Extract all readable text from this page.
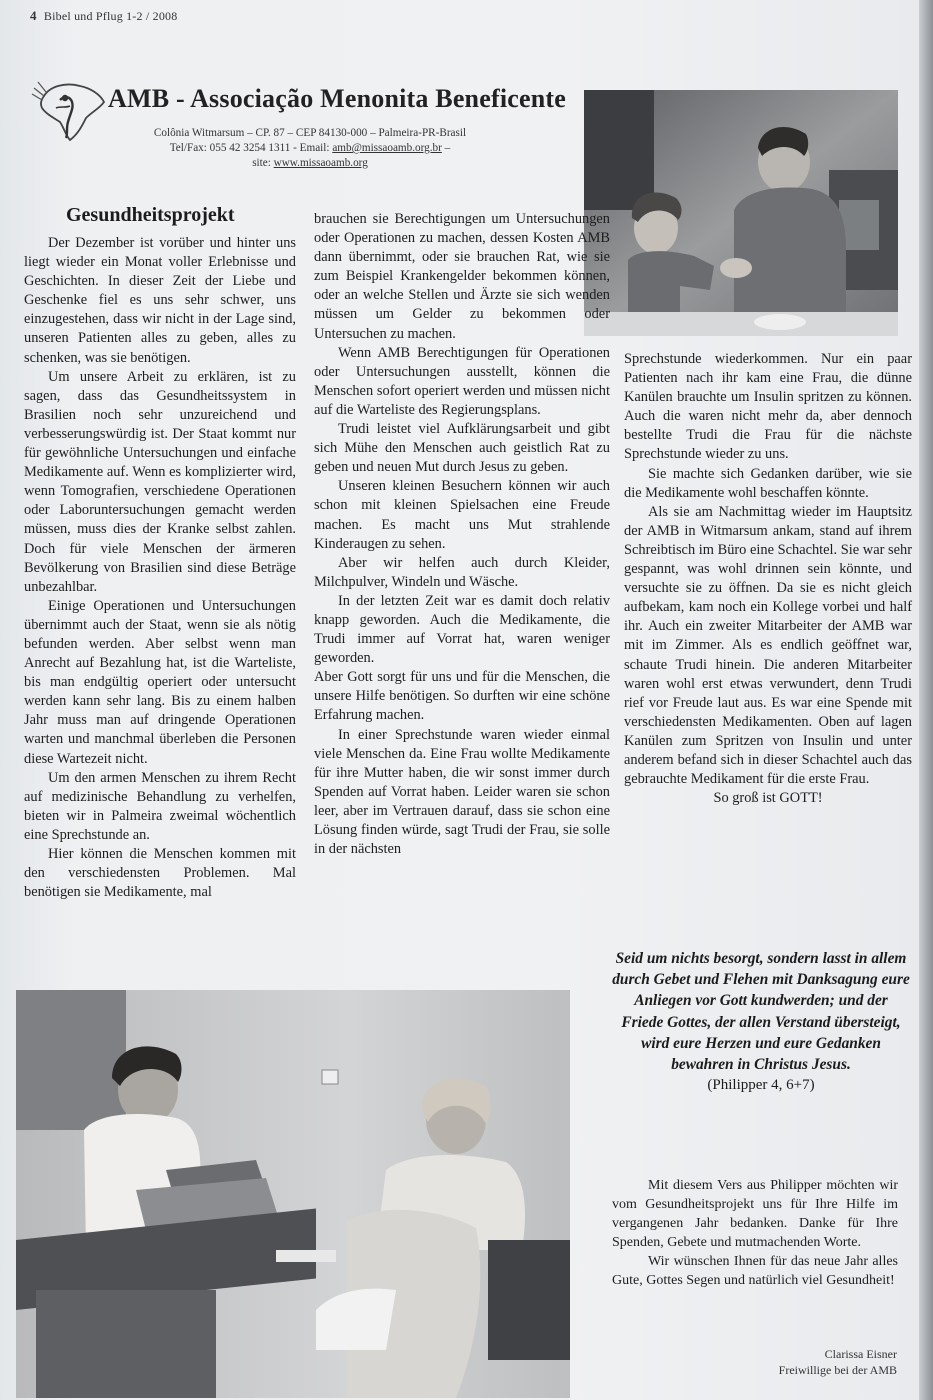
4 Bibel und Pflug 1-2 / 2008
AMB - Associação Menonita Beneficente
Colônia Witmarsum – CP. 87 – CEP 84130-000 – Palmeira-PR-Brasil
Tel/Fax: 055 42 3254 1311 - Email: amb@missaoamb.org.br –
site: www.missaoamb.org
Gesundheitsprojekt

Der Dezember ist vorüber und hinter uns liegt wieder ein Monat voller Erlebnisse und Geschichten. In dieser Zeit der Liebe und Geschenke fiel es uns sehr schwer, uns einzugestehen, dass wir nicht in der Lage sind, unseren Patienten alles zu geben, alles zu schenken, was sie benötigen.

Um unsere Arbeit zu erklären, ist zu sagen, dass das Gesundheitssystem in Brasilien noch sehr unzureichend und verbesserungswürdig ist. Der Staat kommt nur für gewöhnliche Untersuchungen und einfache Medikamente auf. Wenn es komplizierter wird, wenn Tomografien, verschiedene Operationen oder Laboruntersuchungen gemacht werden müssen, muss dies der Kranke selbst zahlen. Doch für viele Menschen der ärmeren Bevölkerung von Brasilien sind diese Beträge unbezahlbar.

Einige Operationen und Untersuchungen übernimmt auch der Staat, wenn sie als nötig befunden werden. Aber selbst wenn man Anrecht auf Bezahlung hat, ist die Warteliste, bis man endgültig operiert oder untersucht werden kann sehr lang. Bis zu einem halben Jahr muss man auf dringende Operationen warten und manchmal überleben die Personen diese Wartezeit nicht.

Um den armen Menschen zu ihrem Recht auf medizinische Behandlung zu verhelfen, bieten wir in Palmeira zweimal wöchentlich eine Sprechstunde an.

Hier können die Menschen kommen mit den verschiedensten Problemen. Mal benötigen sie Medikamente, mal

brauchen sie Berechtigungen um Untersuchungen oder Operationen zu machen, dessen Kosten AMB dann übernimmt, oder sie brauchen Rat, wie sie zum Beispiel Krankengelder bekommen können, oder an welche Stellen und Ärzte sie sich wenden müssen um Gelder zu bekommen oder Untersuchen zu machen.

Wenn AMB Berechtigungen für Operationen oder Untersuchungen ausstellt, können die Menschen sofort operiert werden und müssen nicht auf die Warteliste des Regierungsplans.

Trudi leistet viel Aufklärungsarbeit und gibt sich Mühe den Menschen auch geistlich Rat zu geben und neuen Mut durch Jesus zu geben.

Unseren kleinen Besuchern können wir auch schon mit kleinen Spielsachen eine Freude machen. Es macht uns Mut strahlende Kinderaugen zu sehen.

Aber wir helfen auch durch Kleider, Milchpulver, Windeln und Wäsche.

In der letzten Zeit war es damit doch relativ knapp geworden. Auch die Medikamente, die Trudi immer auf Vorrat hat, waren weniger geworden.

Aber Gott sorgt für uns und für die Menschen, die unsere Hilfe benötigen. So durften wir eine schöne Erfahrung machen.

In einer Sprechstunde waren wieder einmal viele Menschen da. Eine Frau wollte Medikamente für ihre Mutter haben, die wir sonst immer durch Spenden auf Vorrat haben. Leider waren sie schon leer, aber im Vertrauen darauf, dass sie schon eine Lösung finden würde, sagt Trudi der Frau, sie solle in der nächsten

Sprechstunde wiederkommen. Nur ein paar Patienten nach ihr kam eine Frau, die dünne Kanülen brauchte um Insulin spritzen zu können. Auch die waren nicht mehr da, aber dennoch bestellte Trudi die Frau für die nächste Sprechstunde wieder zu uns.

Sie machte sich Gedanken darüber, wie sie die Medikamente wohl beschaffen könnte.

Als sie am Nachmittag wieder im Hauptsitz der AMB in Witmarsum ankam, stand auf ihrem Schreibtisch im Büro eine Schachtel. Sie war sehr gespannt, was wohl drinnen sein könnte, und versuchte sie zu öffnen. Da sie es nicht gleich aufbekam, kam noch ein Kollege vorbei und half ihr. Auch ein zweiter Mitarbeiter der AMB war mit im Zimmer. Als es endlich geöffnet war, schaute Trudi hinein. Die anderen Mitarbeiter waren wohl erst etwas verwundert, denn Trudi rief vor Freude laut aus. Es war eine Spende mit verschiedensten Medikamenten. Oben auf lagen Kanülen zum Spritzen von Insulin und unter anderem befand sich in dieser Schachtel auch das gebrauchte Medikament für die erste Frau.

So groß ist GOTT!

Seid um nichts besorgt, sondern lasst in allem durch Gebet und Flehen mit Danksagung eure Anliegen vor Gott kundwerden; und der Friede Gottes, der allen Verstand übersteigt, wird eure Herzen und eure Gedanken bewahren in Christus Jesus.
(Philipper 4, 6+7)

Mit diesem Vers aus Philipper möchten wir vom Gesundheitsprojekt uns für Ihre Hilfe im vergangenen Jahr bedanken. Danke für Ihre Spenden, Gebete und mutmachenden Worte.

Wir wünschen Ihnen für das neue Jahr alles Gute, Gottes Segen und natürlich viel Gesundheit!

Clarissa Eisner
Freiwillige bei der AMB
